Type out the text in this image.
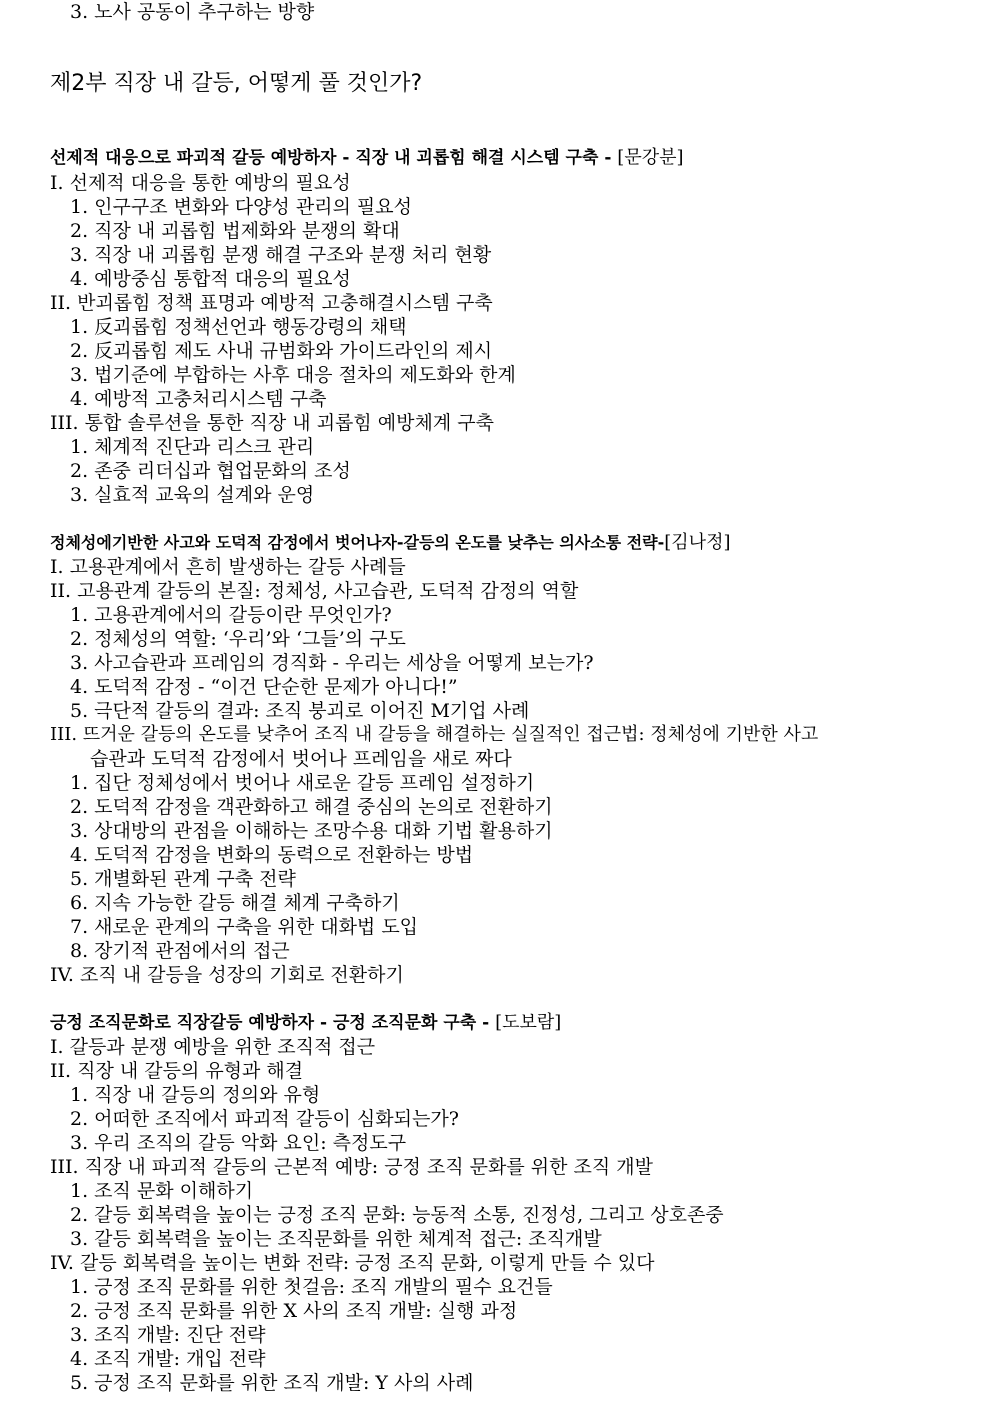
3. 노사 공동이 추구하는 방향
제2부 직장 내 갈등, 어떻게 풀 것인가?
선제적 대응으로 파괴적 갈등 예방하자 - 직장 내 괴롭힘 해결 시스템 구축 - [문강분]
I. 선제적 대응을 통한 예방의 필요성
1. 인구구조 변화와 다양성 관리의 필요성
2. 직장 내 괴롭힘 법제화와 분쟁의 확대
3. 직장 내 괴롭힘 분쟁 해결 구조와 분쟁 처리 현황
4. 예방중심 통합적 대응의 필요성
II. 반괴롭힘 정책 표명과 예방적 고충해결시스템 구축
1. 反괴롭힘 정책선언과 행동강령의 채택
2. 反괴롭힘 제도 사내 규범화와 가이드라인의 제시
3. 법기준에 부합하는 사후 대응 절차의 제도화와 한계
4. 예방적 고충처리시스템 구축
III. 통합 솔루션을 통한 직장 내 괴롭힘 예방체계 구축
1. 체계적 진단과 리스크 관리
2. 존중 리더십과 협업문화의 조성
3. 실효적 교육의 설계와 운영
정체성에기반한 사고와 도덕적 감정에서 벗어나자-갈등의 온도를 낮추는 의사소통 전략-[김나정]
I. 고용관계에서 흔히 발생하는 갈등 사례들
II. 고용관계 갈등의 본질: 정체성, 사고습관, 도덕적 감정의 역할
1. 고용관계에서의 갈등이란 무엇인가?
2. 정체성의 역할: ‘우리’와 ‘그들’의 구도
3. 사고습관과 프레임의 경직화 - 우리는 세상을 어떻게 보는가?
4. 도덕적 감정 - “이건 단순한 문제가 아니다!”
5. 극단적 갈등의 결과: 조직 붕괴로 이어진 M기업 사례
III. 뜨거운 갈등의 온도를 낮추어 조직 내 갈등을 해결하는 실질적인 접근법: 정체성에 기반한 사고
습관과 도덕적 감정에서 벗어나 프레임을 새로 짜다
1. 집단 정체성에서 벗어나 새로운 갈등 프레임 설정하기
2. 도덕적 감정을 객관화하고 해결 중심의 논의로 전환하기
3. 상대방의 관점을 이해하는 조망수용 대화 기법 활용하기
4. 도덕적 감정을 변화의 동력으로 전환하는 방법
5. 개별화된 관계 구축 전략
6. 지속 가능한 갈등 해결 체계 구축하기
7. 새로운 관계의 구축을 위한 대화법 도입
8. 장기적 관점에서의 접근
IV. 조직 내 갈등을 성장의 기회로 전환하기
긍정 조직문화로 직장갈등 예방하자 - 긍정 조직문화 구축 - [도보람]
I. 갈등과 분쟁 예방을 위한 조직적 접근
II. 직장 내 갈등의 유형과 해결
1. 직장 내 갈등의 정의와 유형
2. 어떠한 조직에서 파괴적 갈등이 심화되는가?
3. 우리 조직의 갈등 악화 요인: 측정도구
III. 직장 내 파괴적 갈등의 근본적 예방: 긍정 조직 문화를 위한 조직 개발
1. 조직 문화 이해하기
2. 갈등 회복력을 높이는 긍정 조직 문화: 능동적 소통, 진정성, 그리고 상호존중
3. 갈등 회복력을 높이는 조직문화를 위한 체계적 접근: 조직개발
IV. 갈등 회복력을 높이는 변화 전략: 긍정 조직 문화, 이렇게 만들 수 있다
1. 긍정 조직 문화를 위한 첫걸음: 조직 개발의 필수 요건들
2. 긍정 조직 문화를 위한 X 사의 조직 개발: 실행 과정
3. 조직 개발: 진단 전략
4. 조직 개발: 개입 전략
5. 긍정 조직 문화를 위한 조직 개발: Y 사의 사례
